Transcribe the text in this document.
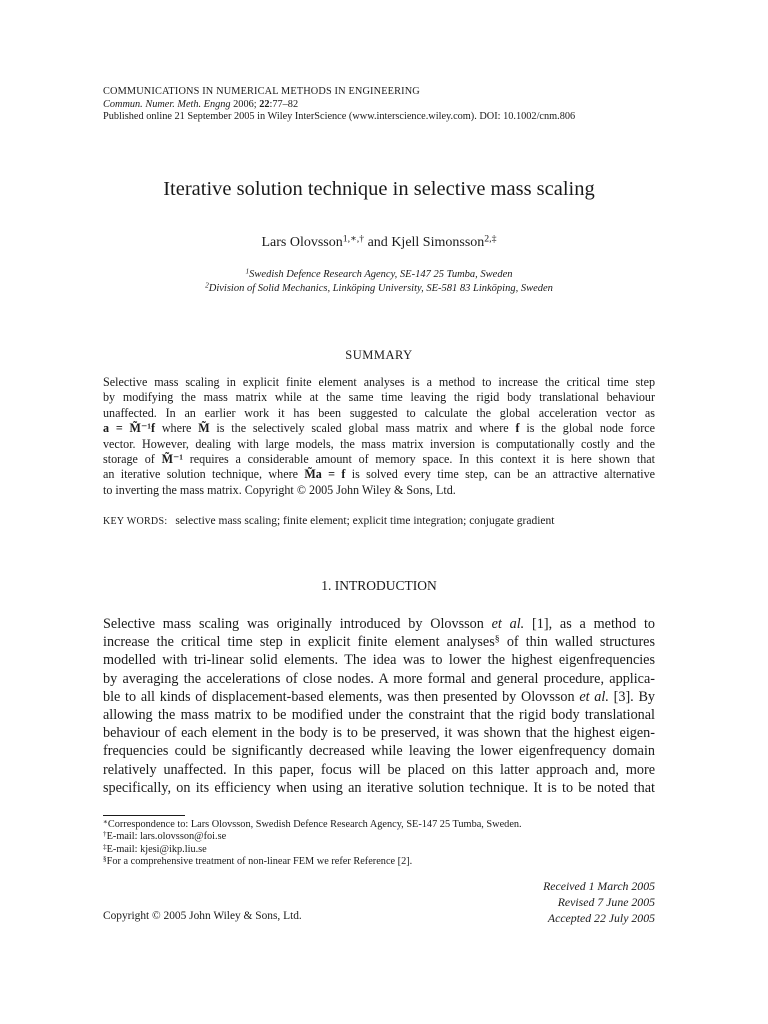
COMMUNICATIONS IN NUMERICAL METHODS IN ENGINEERING
Commun. Numer. Meth. Engng 2006; 22:77–82
Published online 21 September 2005 in Wiley InterScience (www.interscience.wiley.com). DOI: 10.1002/cnm.806
Iterative solution technique in selective mass scaling
Lars Olovsson$^{1,∗,\dagger}$ and Kjell Simonsson$^{2,\ddagger}$
$^1$Swedish Defence Research Agency, SE-147 25 Tumba, Sweden
$^2$Division of Solid Mechanics, Linköping University, SE-581 83 Linköping, Sweden
SUMMARY
Selective mass scaling in explicit finite element analyses is a method to increase the critical time step
by modifying the mass matrix while at the same time leaving the rigid body translational behaviour
unaffected. In an earlier work it has been suggested to calculate the global acceleration vector as
a = M̃⁻¹f where M̃ is the selectively scaled global mass matrix and where f is the global node force
vector. However, dealing with large models, the mass matrix inversion is computationally costly and the
storage of M̃⁻¹ requires a considerable amount of memory space. In this context it is here shown that
an iterative solution technique, where M̃a = f is solved every time step, can be an attractive alternative
to inverting the mass matrix. Copyright © 2005 John Wiley & Sons, Ltd.
KEY WORDS: selective mass scaling; finite element; explicit time integration; conjugate gradient
1. INTRODUCTION
Selective mass scaling was originally introduced by Olovsson et al. [1], as a method to
increase the critical time step in explicit finite element analyses§ of thin walled structures
modelled with tri-linear solid elements. The idea was to lower the highest eigenfrequencies
by averaging the accelerations of close nodes. A more formal and general procedure, applica-
ble to all kinds of displacement-based elements, was then presented by Olovsson et al. [3]. By
allowing the mass matrix to be modified under the constraint that the rigid body translational
behaviour of each element in the body is to be preserved, it was shown that the highest eigen-
frequencies could be significantly decreased while leaving the lower eigenfrequency domain
relatively unaffected. In this paper, focus will be placed on this latter approach and, more
specifically, on its efficiency when using an iterative solution technique. It is to be noted that
∗Correspondence to: Lars Olovsson, Swedish Defence Research Agency, SE-147 25 Tumba, Sweden.
†E-mail: lars.olovsson@foi.se
‡E-mail: kjesi@ikp.liu.se
§For a comprehensive treatment of non-linear FEM we refer Reference [2].
Received 1 March 2005
Revised 7 June 2005
Accepted 22 July 2005
Copyright © 2005 John Wiley & Sons, Ltd.
